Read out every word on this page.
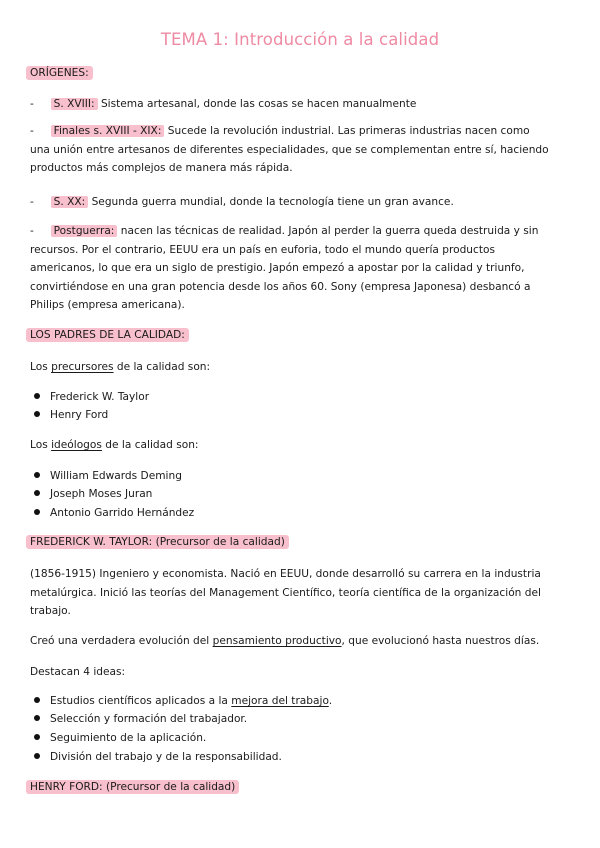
TEMA 1: Introducción a la calidad
ORÍGENES:
-     S. XVIII: Sistema artesanal, donde las cosas se hacen manualmente
-     Finales s. XVIII - XIX: Sucede la revolución industrial. Las primeras industrias nacen como
una unión entre artesanos de diferentes especialidades, que se complementan entre sí, haciendo
productos más complejos de manera más rápida.
-     S. XX: Segunda guerra mundial, donde la tecnología tiene un gran avance.
-     Postguerra: nacen las técnicas de realidad. Japón al perder la guerra queda destruida y sin
recursos. Por el contrario, EEUU era un país en euforia, todo el mundo quería productos
americanos, lo que era un siglo de prestigio. Japón empezó a apostar por la calidad y triunfo,
convirtiéndose en una gran potencia desde los años 60. Sony (empresa Japonesa) desbancó a
Philips (empresa americana).
LOS PADRES DE LA CALIDAD:
Los precursores de la calidad son:
Frederick W. Taylor
Henry Ford
Los ideólogos de la calidad son:
William Edwards Deming
Joseph Moses Juran
Antonio Garrido Hernández
FREDERICK W. TAYLOR: (Precursor de la calidad)
(1856-1915) Ingeniero y economista. Nació en EEUU, donde desarrolló su carrera en la industria
metalúrgica. Inició las teorías del Management Científico, teoría científica de la organización del
trabajo.
Creó una verdadera evolución del pensamiento productivo, que evolucionó hasta nuestros días.
Destacan 4 ideas:
Estudios científicos aplicados a la mejora del trabajo.
Selección y formación del trabajador.
Seguimiento de la aplicación.
División del trabajo y de la responsabilidad.
HENRY FORD: (Precursor de la calidad)
